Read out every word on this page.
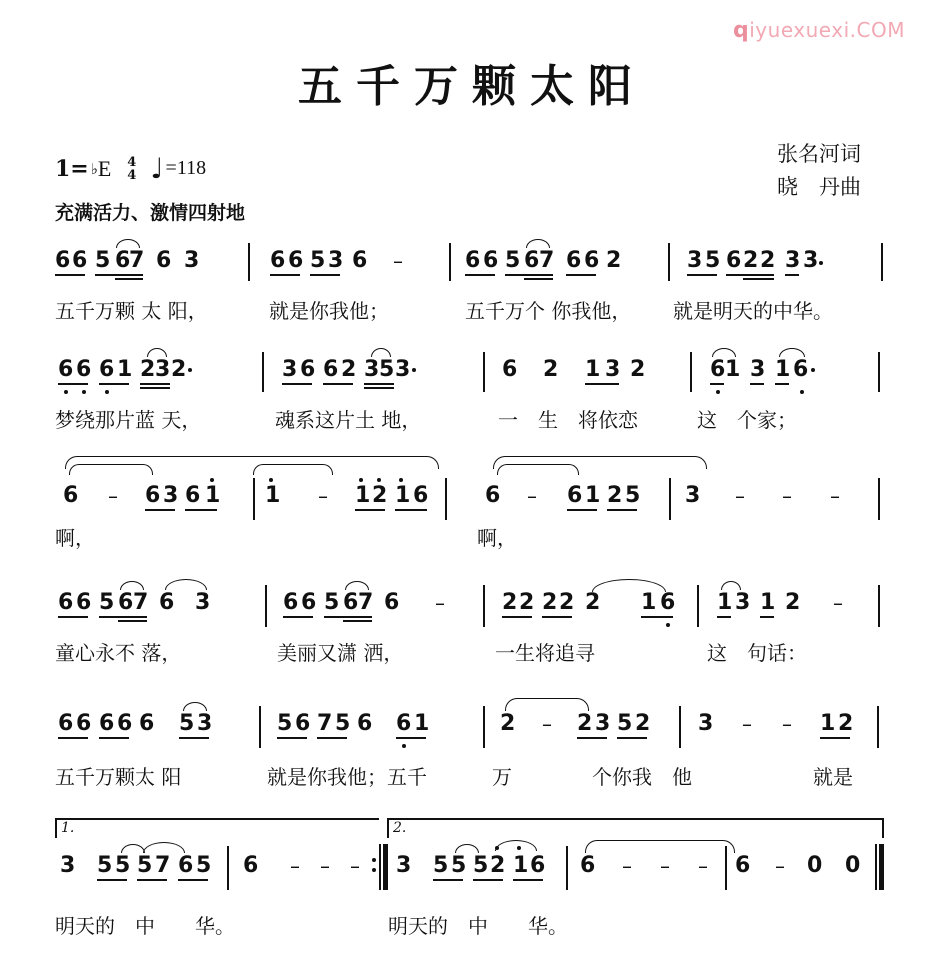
qiyuexuexi.COM
五千万颗太阳
张名河词
晓　丹曲
1= ♭ E 4
4 ♩ =118
充满活力、激情四射地
6 6 5 6
7 6 3	6 6 5 3 6 –	6 6 5 6 7 6 6 2	3 5 6 2 2 3 3
五千万颗 太 阳，	就是你我他；	五千万个 你我他， 就是明天的中华。
6 6 6 1 2 3 2	3 6 6 2 3 5 3	6 2 1 3 2	6 1 3 1 6
梦绕那片蓝 天，	魂系这片土 地，	一　生　将依恋	这　个家；
6 – 6 3 6 1 1 – 1 2 1 6	6 – 6 1 2 5 3 – – –
啊，	啊，
6 6 5 6 7 6 3	6 6 5 6 7 6 –	2 2 2 2 2 1 6 1 3 1 2 –
童心永不 落，	美丽又潇 洒，	一生将追寻	这　句话：
6 6 6 6 6 5 3	5 6 7 5 6 6 1	2 – 2 3 5 2 3 – – 1 2
五千万颗太 阳	就是你我他；五千	万	个你我　他	就是
1.	2.
3 5 5 5 7 6 5 6 – – – 3 5 5 5 2 1 6 6 – – – 6 – 0 0
明天的　中　　华。	明天的　中　　华。
